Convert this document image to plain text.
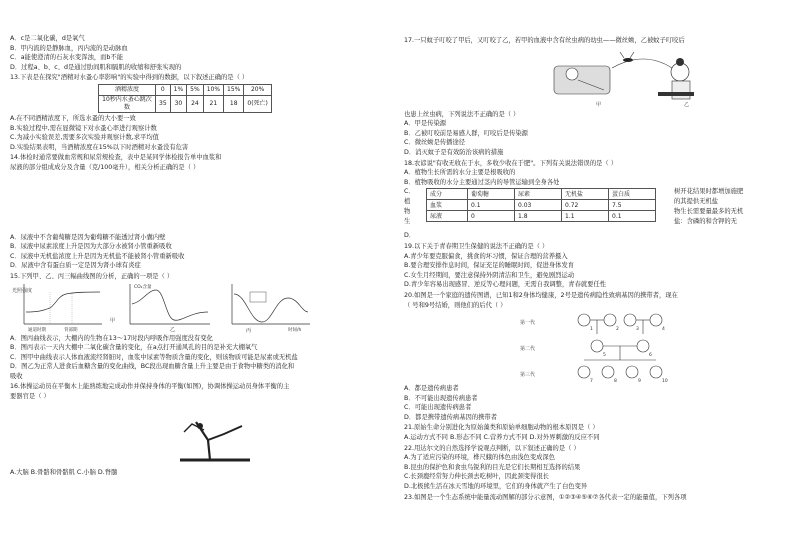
A．c是二氧化碳，d是氧气
B．甲内流的是静脉血，丙内流的是动脉血
C．a能使澄清的石灰水变浑浊，而b不能
D．过程a、b、c、d是通过肋间肌和膈肌的收缩和舒张实现的
13.下表是在探究"酒精对水蚤心率影响"的实验中得到的数据，以下叙述正确的是（ ）
酒精浓度	0	1%	5%	10%	15%	20%
10秒内水蚤心跳次数	35	30	24	21	18	0(死亡)
A.在不同酒精浓度下，所选水蚤的大小要一致
B.实验过程中,需在显微镜下对水蚤心率进行观察计数
C.为减小实验误差,需要多次实验并观察计数,求平均值
D.实验结果表明，当酒精浓度在15%以下时酒精对水蚤没有危害
14.体检时通常要做血常规和尿常规检查，表中是某同学体检报告单中血浆和
尿液的部分组成成分及含量（克/100毫升），相关分析正确的是（ ）
A．尿液中不含葡萄糖是因为葡萄糖不能透过肾小囊内壁
B．尿液中尿素浓度上升是因为大部分水被肾小管重新吸收
C．尿液中无机盐浓度上升是因为无机盐不能被肾小管重新吸收
D．尿液中含有蛋白质一定是因为肾小球有炎症
15.下列甲、乙、丙三幅曲线图的分析，正确的一项是（ ）
光照强度
通道时期	背部期
甲
CO₂含量
乙	时间/h
丙
A．图丙曲线表示，大棚内的生物在13～17时段内呼吸作用强度没有变化
B．图丙表示一天内大棚中二氧化碳含量的变化，在a点打开通风孔的目的是补充大棚氧气
C．图甲中曲线表示人体血液流经肾脏时，血浆中尿素等物质含量的变化，则该物质可能是尿素或无机盐
D．图乙为正常人进食后血糖含量的变化曲线，BC段出现血糖含量上升主要是由于食物中糖类的消化和
吸收
16.体操运动员在平衡木上能熟练地完成动作并保持身体的平衡(如图)，协调体操运动员身体平衡的主
要器官是（ ）
A.大脑 B.骨骼和骨骼肌 C.小脑 D.脊髓
17.一只蚊子叮咬了甲后，又叮咬了乙，若甲的血液中含有丝虫病的幼虫——微丝蚴，乙被蚊子叮咬后
甲	乙
也患上丝虫病，下列说法不正确的是（ ）
A．甲是传染源
B．乙被叮咬前是易感人群，叮咬后是传染源
C．微丝蚴是传播途径
D．消灭蚊子是有效防治该病的措施
18.农谚说"有收无收在于水，多收少收在于肥"。下列有关说法错误的是（ ）
A．植物生长所需的水分主要是根吸收的
B．植物吸收的水分主要通过茎内的导管运输到全身各处
C．
植
物
生
成分	葡萄糖	尿素	无机盐	蛋白质
血浆	0.1	0.03	0.72	7.5
尿液	0	1.8	1.1	0.1
树开花结果时都增加施肥
的其提供无机盐
物生长需要量最多的无机
盐：含磷的和含钾的无
D．
19.以下关于青春期卫生保健的说法不正确的是（ ）
A.青少年要克服偏食，挑食的坏习惯，保证合理的营养摄入
B.要合理安排作息时间，保证充足的睡眠时间，促进身体发育
C.女生月经期间，要注意保持外阴清洁和卫生，避免剧烈运动
D.青少年容易出现感冒、逆反等心理问题，无需自我调整，青春就要任性
20.如图是一个家庭的遗传图谱，已知1和2身体均健康，2号是遗传病隐性致病基因的携带者，现在
（ 号和9号结婚，则他们的后代（ ）
第一代
第二代
第三代
1	2	3	4
5	6
7	8	9	10
A．都是遗传病患者
B．不可能出现遗传病患者
C．可能出现遗传病患者
D．都是携带遗传病基因的携带者
21.原始生命分别进化为原始藻类和原始单细胞动物的根本原因是（ ）
A.运动方式不同 B.形态不同 C.营养方式不同 D.对外界刺激的反应不同
22.用达尔文的自然选择学说观点判断，以下叙述正确的是（ ）
A.为了适应污染的环境，桦尺蛾的体色由浅色变成深色
B.昆虫的保护色和食虫鸟锐利的目光是它们长期相互选择的结果
C.长颈鹿经常努力伸长颈去吃树叶，因此颈变得很长
D.北极熊生活在冰天雪地的环境里，它们的身体就产生了白色变异
23.如图是一个生态系统中能量流动图解的部分示意图，①②③④⑤⑥⑦各代表一定的能量值，下列各项
